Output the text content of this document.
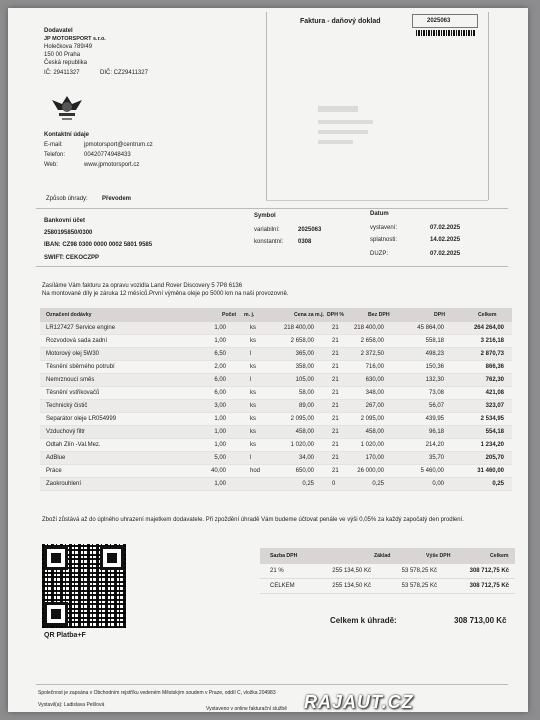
Dodavatel
JP MOTORSPORT s.r.o.
Holečkova 789/49
150 00 Praha
Česká republika
IČ: 29411327	DIČ: CZ29411327
Kontaktní údaje
E-mail:	jpmotorsport@centrum.cz
Telefon:	00420774948433
Web:	www.jpmotorsport.cz
Faktura - daňový doklad	2025063
Způsob úhrady: Převodem
Bankovní účet
2580195850/0300
IBAN: CZ98 0300 0000 0002 5801 9585
SWIFT: CEKOCZPP
Symbol
variabilní:	2025063
konstantní: 0308
Datum
vystavení:	07.02.2025
splatnosti:	14.02.2025
DUZP:	07.02.2025
Zasíláme Vám fakturu za opravu vozidla Land Rover Discovery 5 7P8 6136
Na montované díly je záruka 12 měsíců.První výměna oleje po 5000 km na naši provozovně.
Označení dodávky	Počet m. j.	Cena za m.j. DPH %	Bez DPH	DPH	Celkem
LR127427 Service engine	1,00	ks	218 400,00	21	218 400,00	45 864,00	264 264,00
Rozvodová sada zadní	1,00	ks	2 658,00	21	2 658,00	558,18	3 216,18
Motorový olej 5W30	6,50	l	365,00	21	2 372,50	498,23	2 870,73
Těsnění sběrného potrubí	2,00	ks	358,00	21	716,00	150,36	866,36
Nemrznoucí směs	6,00	l	105,00	21	630,00	132,30	762,30
Těsnění vstřikovačů	6,00	ks	58,00	21	348,00	73,08	421,08
Technický čistič	3,00	ks	89,00	21	267,00	56,07	323,07
Separátor oleje LR054999	1,00	ks	2 095,00	21	2 095,00	439,95	2 534,95
Vzduchový filtr	1,00	ks	458,00	21	458,00	96,18	554,18
Odtah Zlín -Val.Mez.	1,00	ks	1 020,00	21	1 020,00	214,20	1 234,20
AdBlue	5,00	l	34,00	21	170,00	35,70	205,70
Práce	40,00	hod	650,00	21	26 000,00	5 460,00	31 460,00
Zaokrouhlení	1,00	0,25	0	0,25	0,00	0,25
Zboží zůstává až do úplného uhrazení majetkem dodavatele. Při zpoždění úhradě Vám budeme účtovat penále ve výši 0,05% za každý započatý den prodlení.
QR Platba+F
Sazba DPH	Základ	Výše DPH	Celkem
21 %	255 134,50 Kč	53 578,25 Kč	308 712,75 Kč
CELKEM	255 134,50 Kč	53 578,25 Kč	308 712,75 Kč
Celkem k úhradě:	308 713,00 Kč
Společnost je zapsána v Obchodním rejstříku vedeném Městským soudem v Praze, oddíl C, vložka 204983
Vystavil(a): Ladislava Pešlová
Vystaveno v online fakturační službě RAJAUT.CZ
